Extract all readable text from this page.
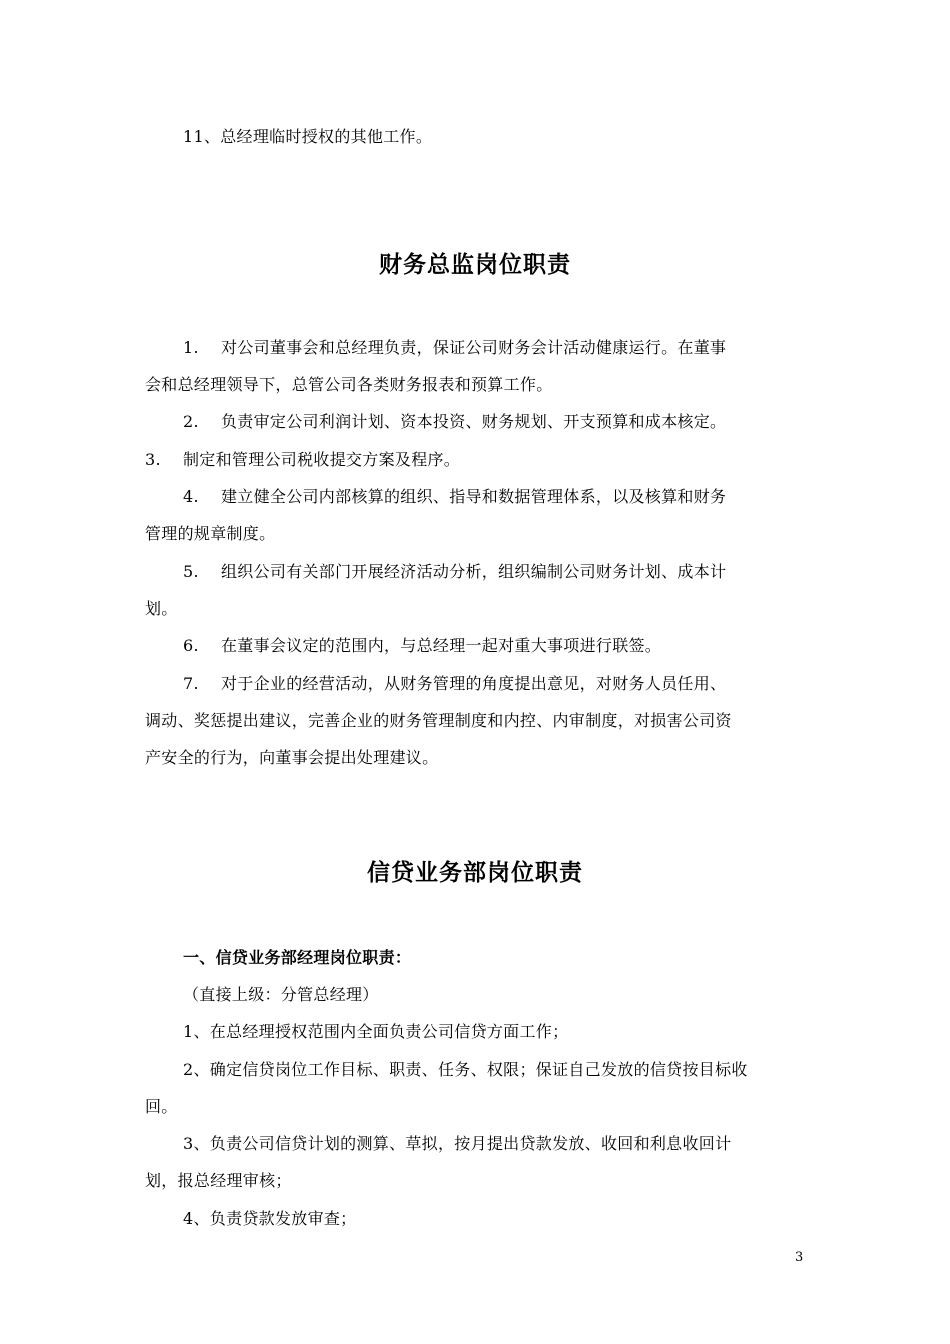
11、总经理临时授权的其他工作。
财务总监岗位职责
1. 对公司董事会和总经理负责，保证公司财务会计活动健康运行。在董事
会和总经理领导下，总管公司各类财务报表和预算工作。
2. 负责审定公司利润计划、资本投资、财务规划、开支预算和成本核定。
3. 制定和管理公司税收提交方案及程序。
4. 建立健全公司内部核算的组织、指导和数据管理体系，以及核算和财务
管理的规章制度。
5. 组织公司有关部门开展经济活动分析，组织编制公司财务计划、成本计
划。
6. 在董事会议定的范围内，与总经理一起对重大事项进行联签。
7. 对于企业的经营活动，从财务管理的角度提出意见，对财务人员任用、
调动、奖惩提出建议，完善企业的财务管理制度和内控、内审制度，对损害公司资
产安全的行为，向董事会提出处理建议。
信贷业务部岗位职责
一、信贷业务部经理岗位职责：
（直接上级：分管总经理）
1、在总经理授权范围内全面负责公司信贷方面工作；
2、确定信贷岗位工作目标、职责、任务、权限；保证自己发放的信贷按目标收
回。
3、负责公司信贷计划的测算、草拟，按月提出贷款发放、收回和利息收回计
划，报总经理审核；
4、负责贷款发放审查；
3
